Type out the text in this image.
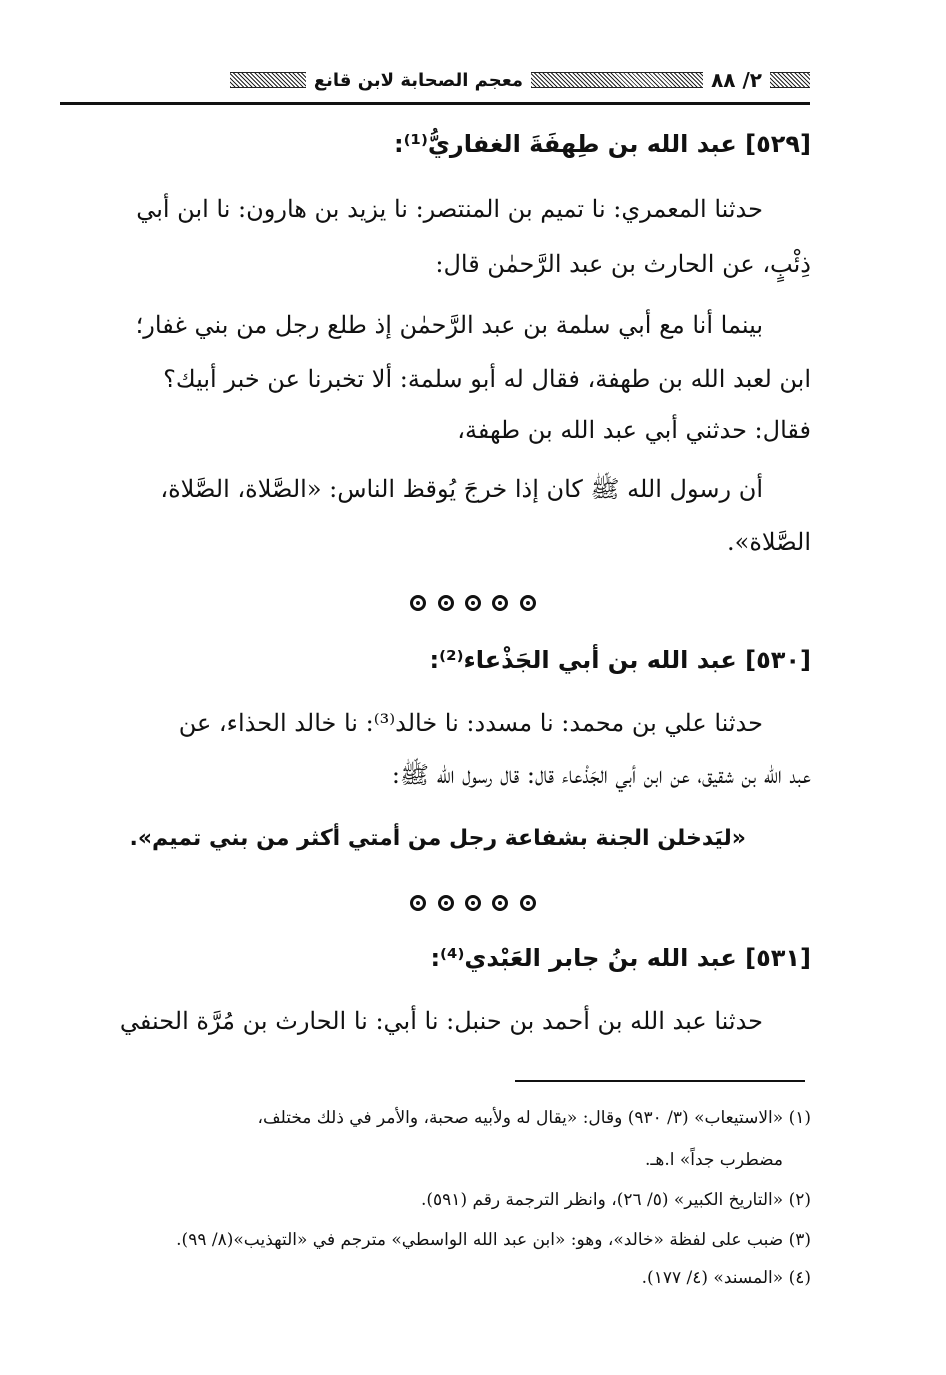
٢/ ٨٨
معجم الصحابة لابن قانع
[٥٢٩] عبد الله بن طِهفَةَ الغفاريُّ⁽¹⁾:
حدثنا المعمري: نا تميم بن المنتصر: نا يزيد بن هارون: نا ابن أبي
ذِئْبٍ، عن الحارث بن عبد الرَّحمٰن قال:
بينما أنا مع أبي سلمة بن عبد الرَّحمٰن إذ طلع رجل من بني غفار؛
ابن لعبد الله بن طهفة، فقال له أبو سلمة: ألا تخبرنا عن خبر أبيك؟
فقال: حدثني أبي عبد الله بن طهفة،
أن رسول الله ﷺ كان إذا خرجَ يُوقظ الناس: «الصَّلاة، الصَّلاة،
الصَّلاة».

[٥٣٠] عبد الله بن أبي الجَذْعاء⁽²⁾:
حدثنا علي بن محمد: نا مسدد: نا خالد⁽³⁾: نا خالد الحذاء، عن
عبد الله بن شقيق، عن ابن أبي الجَذْعاء قال: قال رسول الله ﷺ:
«ليَدخلن الجنة بشفاعة رجل من أمتي أكثر من بني تميم».

[٥٣١] عبد الله بنُ جابر العَبْدي⁽⁴⁾:
حدثنا عبد الله بن أحمد بن حنبل: نا أبي: نا الحارث بن مُرَّة الحنفي
(١) «الاستيعاب» (٣/ ٩٣٠) وقال: «يقال له ولأبيه صحبة، والأمر في ذلك مختلف،
مضطرب جداً» ا.هـ.
(٢) «التاريخ الكبير» (٥/ ٢٦)، وانظر الترجمة رقم (٥٩١).
(٣) ضبب على لفظة «خالد»، وهو: «ابن عبد الله الواسطي» مترجم في «التهذيب»(٨/ ٩٩).
(٤) «المسند» (٤/ ١٧٧).
